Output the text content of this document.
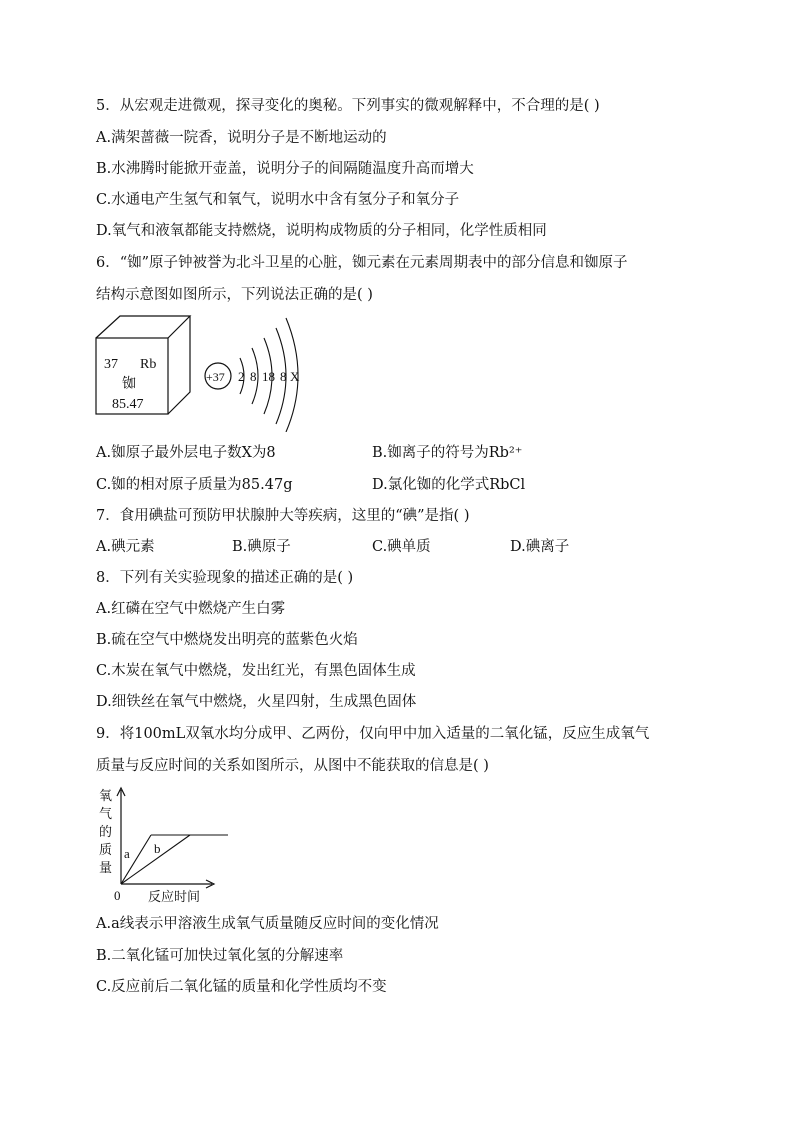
5．从宏观走进微观，探寻变化的奥秘。下列事实的微观解释中，不合理的是( )
A.满架蔷薇一院香，说明分子是不断地运动的
B.水沸腾时能掀开壶盖，说明分子的间隔随温度升高而增大
C.水通电产生氢气和氧气，说明水中含有氢分子和氧分子
D.氧气和液氧都能支持燃烧，说明构成物质的分子相同，化学性质相同
6．“铷”原子钟被誉为北斗卫星的心脏，铷元素在元素周期表中的部分信息和铷原子
结构示意图如图所示，下列说法正确的是( )
37 Rb
铷
85.47
+37 2 8 18 8 X
A.铷原子最外层电子数X为8	B.铷离子的符号为Rb²⁺
C.铷的相对原子质量为85.47g	D.氯化铷的化学式RbCl
7．食用碘盐可预防甲状腺肿大等疾病，这里的“碘”是指( )
A.碘元素	B.碘原子	C.碘单质	D.碘离子
8．下列有关实验现象的描述正确的是( )
A.红磷在空气中燃烧产生白雾
B.硫在空气中燃烧发出明亮的蓝紫色火焰
C.木炭在氧气中燃烧，发出红光，有黑色固体生成
D.细铁丝在氧气中燃烧，火星四射，生成黑色固体
9．将100mL双氧水均分成甲、乙两份，仅向甲中加入适量的二氧化锰，反应生成氧气
质量与反应时间的关系如图所示，从图中不能获取的信息是( )
氧
气
的
质
量
a b
0 反应时间
A.a线表示甲溶液生成氧气质量随反应时间的变化情况
B.二氧化锰可加快过氧化氢的分解速率
C.反应前后二氧化锰的质量和化学性质均不变
